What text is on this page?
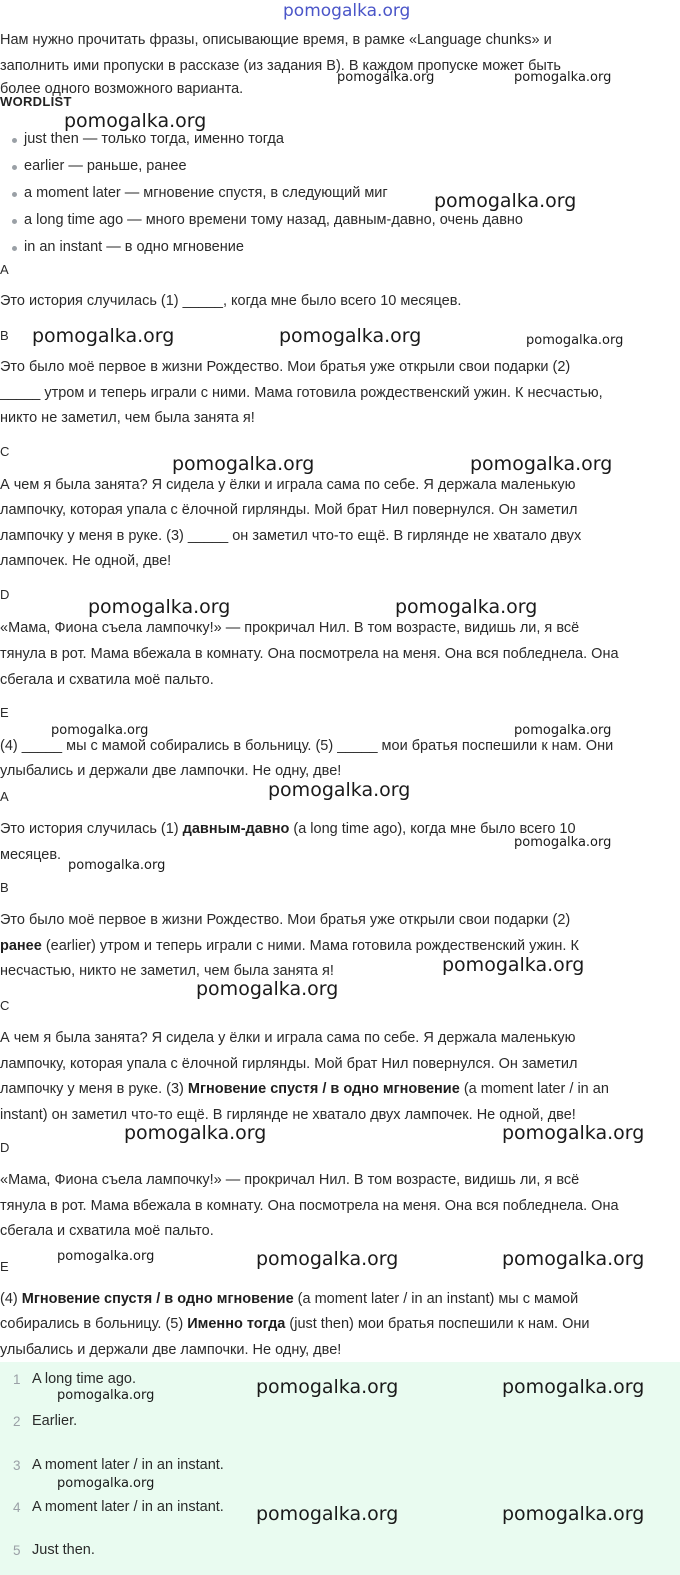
pomogalka.org
Нам нужно прочитать фразы, описывающие время, в рамке «Language chunks» и
заполнить ими пропуски в рассказе (из задания B). В каждом пропуске может быть
более одного возможного варианта.
WORDLIST
just then — только тогда, именно тогда
earlier — раньше, ранее
a moment later — мгновение спустя, в следующий миг
a long time ago — много времени тому назад, давным-давно, очень давно
in an instant — в одно мгновение
A
Это история случилась (1) _____, когда мне было всего 10 месяцев.
B
Это было моё первое в жизни Рождество. Мои братья уже открыли свои подарки (2)
_____ утром и теперь играли с ними. Мама готовила рождественский ужин. К несчастью,
никто не заметил, чем была занята я!
C
А чем я была занята? Я сидела у ёлки и играла сама по себе. Я держала маленькую
лампочку, которая упала с ёлочной гирлянды. Мой брат Нил повернулся. Он заметил
лампочку у меня в руке. (3) _____ он заметил что-то ещё. В гирлянде не хватало двух
лампочек. Не одной, две!
D
«Мама, Фиона съела лампочку!» — прокричал Нил. В том возрасте, видишь ли, я всё
тянула в рот. Мама вбежала в комнату. Она посмотрела на меня. Она вся побледнела. Она
сбегала и схватила моё пальто.
E
(4) _____ мы с мамой собирались в больницу. (5) _____ мои братья поспешили к нам. Они
улыбались и держали две лампочки. Не одну, две!
A
Это история случилась (1) давным-давно (a long time ago), когда мне было всего 10
месяцев.
B
Это было моё первое в жизни Рождество. Мои братья уже открыли свои подарки (2)
ранее (earlier) утром и теперь играли с ними. Мама готовила рождественский ужин. К
несчастью, никто не заметил, чем была занята я!
C
А чем я была занята? Я сидела у ёлки и играла сама по себе. Я держала маленькую
лампочку, которая упала с ёлочной гирлянды. Мой брат Нил повернулся. Он заметил
лампочку у меня в руке. (3) Мгновение спустя / в одно мгновение (a moment later / in an
instant) он заметил что-то ещё. В гирлянде не хватало двух лампочек. Не одной, две!
D
«Мама, Фиона съела лампочку!» — прокричал Нил. В том возрасте, видишь ли, я всё
тянула в рот. Мама вбежала в комнату. Она посмотрела на меня. Она вся побледнела. Она
сбегала и схватила моё пальто.
E
(4) Мгновение спустя / в одно мгновение (a moment later / in an instant) мы с мамой
собирались в больницу. (5) Именно тогда (just then) мои братья поспешили к нам. Они
улыбались и держали две лампочки. Не одну, две!
1 A long time ago.
2 Earlier.
3 A moment later / in an instant.
4 A moment later / in an instant.
5 Just then.
pomogalka.org	pomogalka.org
pomogalka.org
pomogalka.org
pomogalka.org	pomogalka.org	pomogalka.org
pomogalka.org	pomogalka.org
pomogalka.org	pomogalka.org
pomogalka.org	pomogalka.org
pomogalka.org
pomogalka.org
pomogalka.org
pomogalka.org
pomogalka.org
pomogalka.org	pomogalka.org
pomogalka.org	pomogalka.org	pomogalka.org
pomogalka.org	pomogalka.org
pomogalka.org
pomogalka.org
pomogalka.org	pomogalka.org
